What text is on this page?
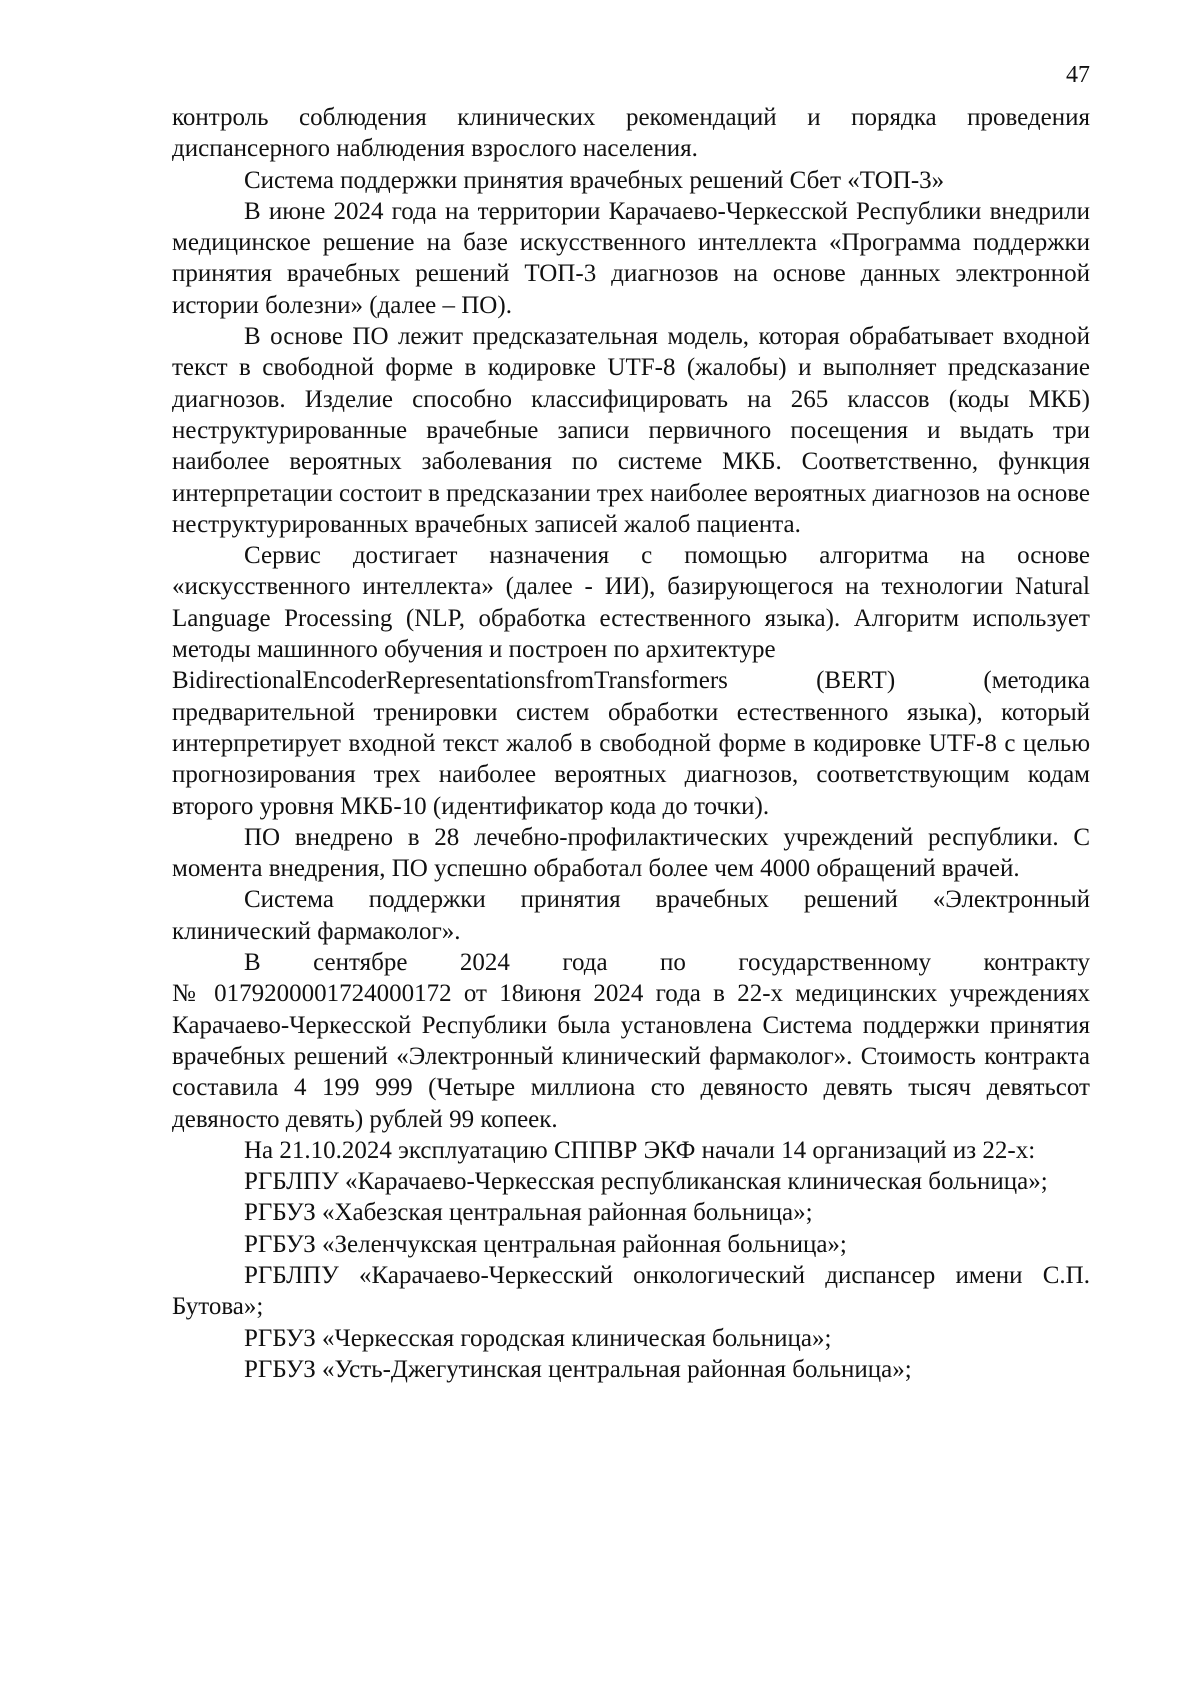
47

контроль соблюдения клинических рекомендаций и порядка проведения диспансерного наблюдения взрослого населения.

Система поддержки принятия врачебных решений Сбет «ТОП-3»

В июне 2024 года на территории Карачаево-Черкесской Республики внедрили медицинское решение на базе искусственного интеллекта «Программа поддержки принятия врачебных решений ТОП-3 диагнозов на основе данных электронной истории болезни» (далее – ПО).

В основе ПО лежит предсказательная модель, которая обрабатывает входной текст в свободной форме в кодировке UTF-8 (жалобы) и выполняет предсказание диагнозов. Изделие способно классифицировать на 265 классов (коды МКБ) неструктурированные врачебные записи первичного посещения и выдать три наиболее вероятных заболевания по системе МКБ. Соответственно, функция интерпретации состоит в предсказании трех наиболее вероятных диагнозов на основе неструктурированных врачебных записей жалоб пациента.

Сервис достигает назначения с помощью алгоритма на основе «искусственного интеллекта» (далее - ИИ), базирующегося на технологии Natural Language Processing (NLP, обработка естественного языка). Алгоритм использует методы машинного обучения и построен по архитектуре

BidirectionalEncoderRepresentationsfromTransformers	(BERT)	(методика

предварительной тренировки систем обработки естественного языка), который интерпретирует входной текст жалоб в свободной форме в кодировке UTF-8 с целью прогнозирования трех наиболее вероятных диагнозов, соответствующим кодам второго уровня МКБ-10 (идентификатор кода до точки).

ПО внедрено в 28 лечебно-профилактических учреждений республики. С момента внедрения, ПО успешно обработал более чем 4000 обращений врачей.

Система поддержки принятия врачебных решений «Электронный клинический фармаколог».

В сентябре 2024 года по государственному контракту

№ 0179200001724000172 от 18июня 2024 года в 22-х медицинских учреждениях Карачаево-Черкесской Республики была установлена Система поддержки принятия врачебных решений «Электронный клинический фармаколог». Стоимость контракта составила 4 199 999 (Четыре миллиона сто девяносто девять тысяч девятьсот девяносто девять) рублей 99 копеек.

На 21.10.2024 эксплуатацию СППВР ЭКФ начали 14 организаций из 22-х:

РГБЛПУ «Карачаево-Черкесская республиканская клиническая больница»;

РГБУЗ «Хабезская центральная районная больница»;

РГБУЗ «Зеленчукская центральная районная больница»;

РГБЛПУ «Карачаево-Черкесский онкологический диспансер имени С.П. Бутова»;

РГБУЗ «Черкесская городская клиническая больница»;

РГБУЗ «Усть-Джегутинская центральная районная больница»;
